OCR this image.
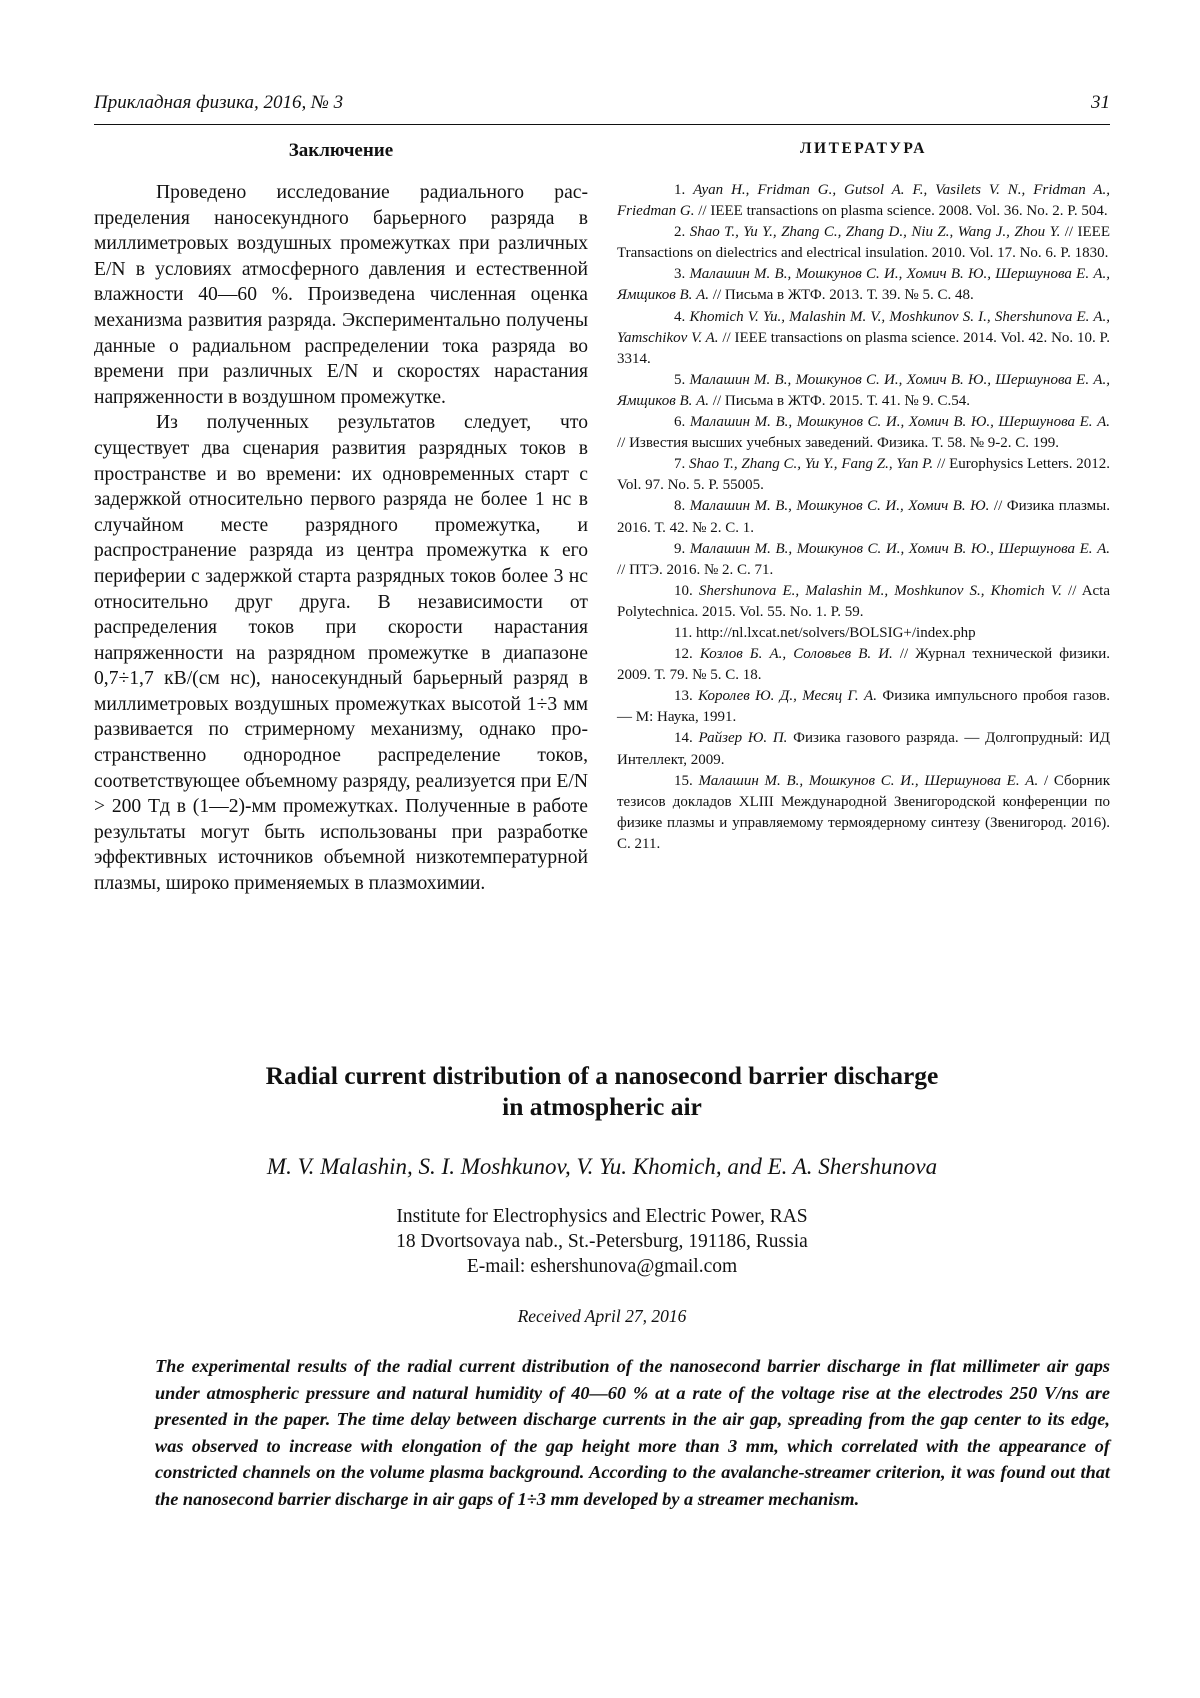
Прикладная физика, 2016, № 3	31
Заключение

Проведено исследование радиального распределения наносекундного барьерного разряда в миллиметровых воздушных промежутках при различных E/N в условиях атмосферного давления и естественной влажности 40—60 %. Произведена численная оценка механизма развития разряда. Экспериментально получены данные о радиальном распределении тока разряда во времени при различных E/N и скоростях нарастания напряженности в воздушном промежутке.

Из полученных результатов следует, что существует два сценария развития разрядных токов в пространстве и во времени: их одновременных старт с задержкой относительно первого разряда не более 1 нс в случайном месте разрядного промежутка, и распространение разряда из центра промежутка к его периферии с задержкой старта разрядных токов более 3 нс относительно друг друга. В независимости от распределения токов при скорости нарастания напряженности на разрядном промежутке в диапазоне 0,7÷1,7 кВ/(см нс), наносекундный барьерный разряд в миллиметровых воздушных промежутках высотой 1÷3 мм развивается по стримерному механизму, однако пространственно однородное распределение токов, соответствующее объемному разряду, реализуется при E/N > 200 Тд в (1—2)-мм промежутках. Полученные в работе результаты могут быть использованы при разработке эффективных источников объемной низкотемпературной плазмы, широко применяемых в плазмохимии.

ЛИТЕРАТУРА

1. Ayan H., Fridman G., Gutsol A. F., Vasilets V. N., Fridman A., Friedman G. // IEEE transactions on plasma science. 2008. Vol. 36. No. 2. P. 504.

2. Shao T., Yu Y., Zhang C., Zhang D., Niu Z., Wang J., Zhou Y. // IEEE Transactions on dielectrics and electrical insulation. 2010. Vol. 17. No. 6. P. 1830.

3. Малашин М. В., Мошкунов С. И., Хомич В. Ю., Шершунова Е. А., Ямщиков В. А. // Письма в ЖТФ. 2013. Т. 39. № 5. С. 48.

4. Khomich V. Yu., Malashin M. V., Moshkunov S. I., Shershunova E. A., Yamschikov V. A. // IEEE transactions on plasma science. 2014. Vol. 42. No. 10. P. 3314.

5. Малашин М. В., Мошкунов С. И., Хомич В. Ю., Шершунова Е. А., Ямщиков В. А. // Письма в ЖТФ. 2015. Т. 41. № 9. С.54.

6. Малашин М. В., Мошкунов С. И., Хомич В. Ю., Шершунова Е. А. // Известия высших учебных заведений. Физика. Т. 58. № 9-2. С. 199.

7. Shao T., Zhang C., Yu Y., Fang Z., Yan P. // Europhysics Letters. 2012. Vol. 97. No. 5. P. 55005.

8. Малашин М. В., Мошкунов С. И., Хомич В. Ю. // Физика плазмы. 2016. Т. 42. № 2. С. 1.

9. Малашин М. В., Мошкунов С. И., Хомич В. Ю., Шершунова Е. А. // ПТЭ. 2016. № 2. С. 71.

10. Shershunova E., Malashin M., Moshkunov S., Khomich V. // Acta Polytechnica. 2015. Vol. 55. No. 1. P. 59.

11. http://nl.lxcat.net/solvers/BOLSIG+/index.php

12. Козлов Б. А., Соловьев В. И. // Журнал технической физики. 2009. Т. 79. № 5. С. 18.

13. Королев Ю. Д., Месяц Г. А. Физика импульсного пробоя газов. — М: Наука, 1991.

14. Райзер Ю. П. Физика газового разряда. — Долгопрудный: ИД Интеллект, 2009.

15. Малашин М. В., Мошкунов С. И., Шершунова Е. А. / Сборник тезисов докладов XLIII Международной Звенигородской конференции по физике плазмы и управляемому термоядерному синтезу (Звенигород. 2016). С. 211.

Radial current distribution of a nanosecond barrier discharge
in atmospheric air
M. V. Malashin, S. I. Moshkunov, V. Yu. Khomich, and E. A. Shershunova
Institute for Electrophysics and Electric Power, RAS
18 Dvortsovaya nab., St.-Petersburg, 191186, Russia
E-mail: eshershunova@gmail.com
Received April 27, 2016

The experimental results of the radial current distribution of the nanosecond barrier discharge in flat millimeter air gaps under atmospheric pressure and natural humidity of 40—60 % at a rate of the voltage rise at the electrodes 250 V/ns are presented in the paper. The time delay between discharge currents in the air gap, spreading from the gap center to its edge, was observed to increase with elongation of the gap height more than 3 mm, which correlated with the appearance of constricted channels on the volume plasma background. According to the avalanche-streamer criterion, it was found out that the nanosecond barrier discharge in air gaps of 1÷3 mm developed by a streamer mechanism.
